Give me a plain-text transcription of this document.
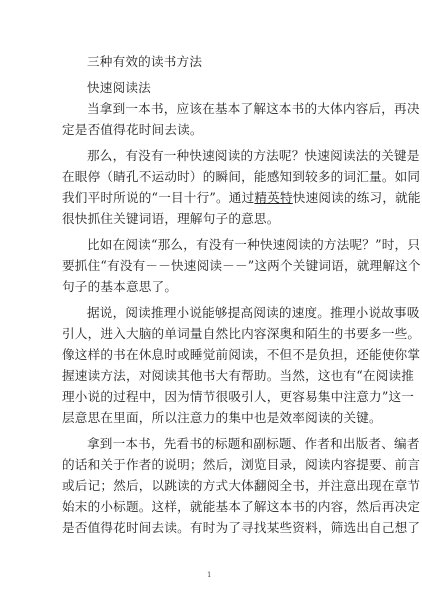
三种有效的读书方法
快速阅读法
当拿到一本书，应该在基本了解这本书的大体内容后，再决
定是否值得花时间去读。
那么，有没有一种快速阅读的方法呢？快速阅读法的关键是
在眼停（睛孔不运动时）的瞬间，能感知到较多的词汇量。如同
我们平时所说的“一目十行”。通过精英特快速阅读的练习，就能
很快抓住关键词语，理解句子的意思。
比如在阅读“那么，有没有一种快速阅读的方法呢？”时，只
要抓住“有没有－－快速阅读－－”这两个关键词语，就理解这个
句子的基本意思了。
据说，阅读推理小说能够提高阅读的速度。推理小说故事吸
引人，进入大脑的单词量自然比内容深奥和陌生的书要多一些。
像这样的书在休息时或睡觉前阅读，不但不是负担，还能使你掌
握速读方法，对阅读其他书大有帮助。当然，这也有“在阅读推
理小说的过程中，因为情节很吸引人，更容易集中注意力”这一
层意思在里面，所以注意力的集中也是效率阅读的关键。
拿到一本书，先看书的标题和副标题、作者和出版者、编者
的话和关于作者的说明；然后，浏览目录，阅读内容提要、前言
或后记；然后，以跳读的方式大体翻阅全书，并注意出现在章节
始末的小标题。这样，就能基本了解这本书的内容，然后再决定
是否值得花时间去读。有时为了寻找某些资料，筛选出自己想了
1
